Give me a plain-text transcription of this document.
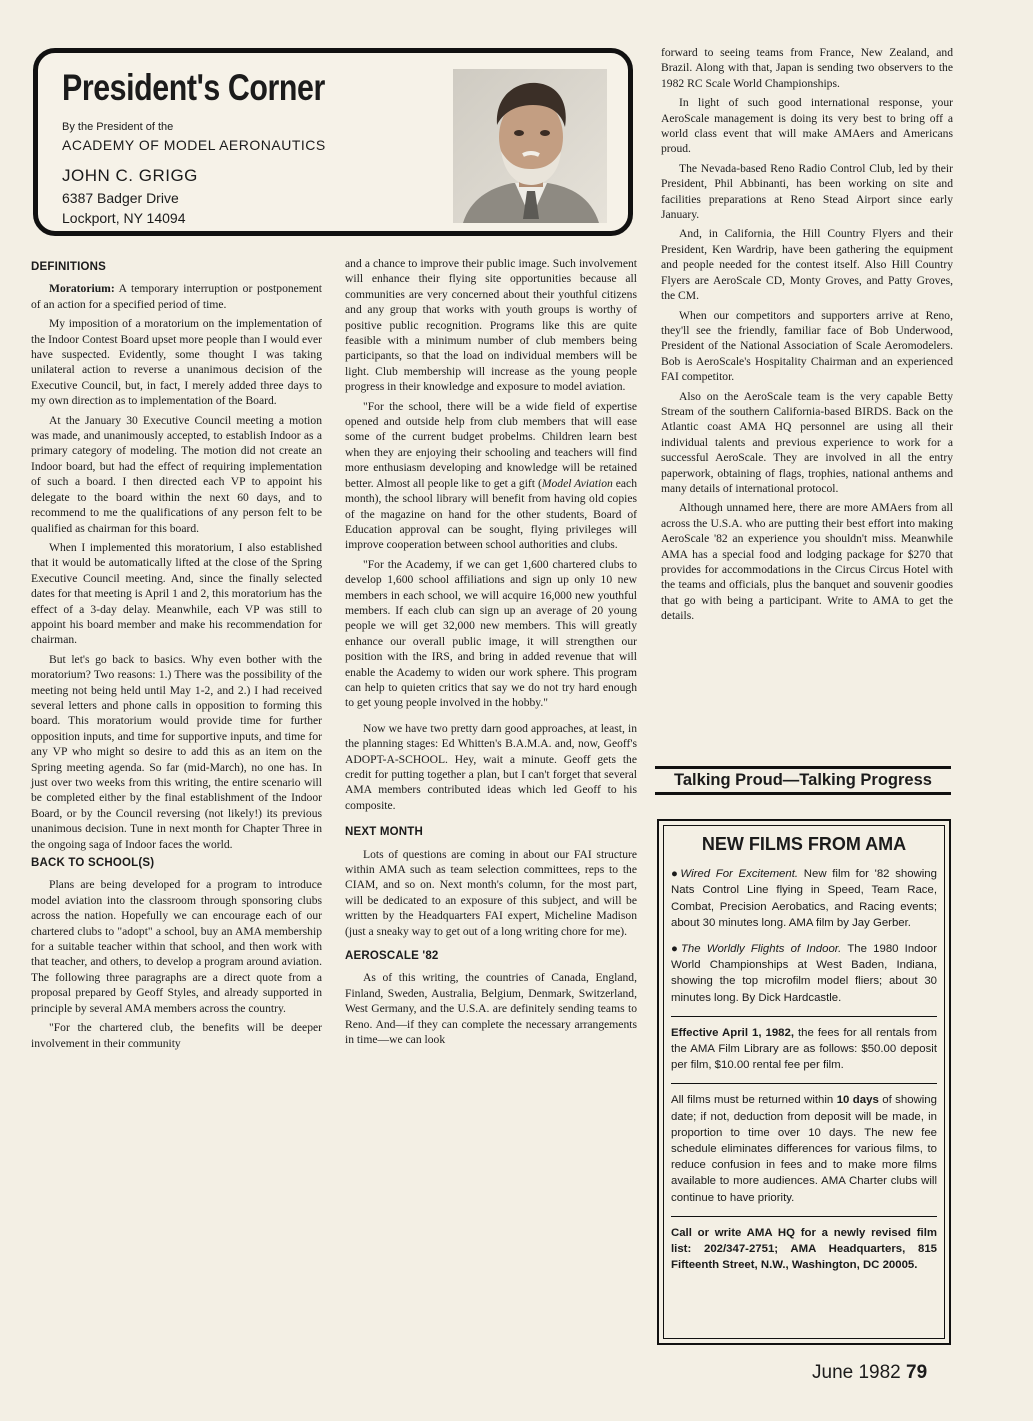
President's Corner
By the President of the
ACADEMY OF MODEL AERONAUTICS
JOHN C. GRIGG
6387 Badger Drive
Lockport, NY 14094
DEFINITIONS

Moratorium: A temporary interruption or postponement of an action for a specified period of time.

My imposition of a moratorium on the implementation of the Indoor Contest Board upset more people than I would ever have suspected. Evidently, some thought I was taking unilateral action to reverse a unanimous decision of the Executive Council, but, in fact, I merely added three days to my own direction as to implementation of the Board.

At the January 30 Executive Council meeting a motion was made, and unanimously accepted, to establish Indoor as a primary category of modeling. The motion did not create an Indoor board, but had the effect of requiring implementation of such a board. I then directed each VP to appoint his delegate to the board within the next 60 days, and to recommend to me the qualifications of any person felt to be qualified as chairman for this board.

When I implemented this moratorium, I also established that it would be automatically lifted at the close of the Spring Executive Council meeting. And, since the finally selected dates for that meeting is April 1 and 2, this moratorium has the effect of a 3-day delay. Meanwhile, each VP was still to appoint his board member and make his recommendation for chairman.

But let's go back to basics. Why even bother with the moratorium? Two reasons: 1.) There was the possibility of the meeting not being held until May 1-2, and 2.) I had received several letters and phone calls in opposition to forming this board. This moratorium would provide time for further opposition inputs, and time for supportive inputs, and time for any VP who might so desire to add this as an item on the Spring meeting agenda. So far (mid-March), no one has. In just over two weeks from this writing, the entire scenario will be completed either by the final establishment of the Indoor Board, or by the Council reversing (not likely!) its previous unanimous decision. Tune in next month for Chapter Three in the ongoing saga of Indoor faces the world.

BACK TO SCHOOL(S)

Plans are being developed for a program to introduce model aviation into the classroom through sponsoring clubs across the nation. Hopefully we can encourage each of our chartered clubs to "adopt" a school, buy an AMA membership for a suitable teacher within that school, and then work with that teacher, and others, to develop a program around aviation. The following three paragraphs are a direct quote from a proposal prepared by Geoff Styles, and already supported in principle by several AMA members across the country.

"For the chartered club, the benefits will be deeper involvement in their community

and a chance to improve their public image. Such involvement will enhance their flying site opportunities because all communities are very concerned about their youthful citizens and any group that works with youth groups is worthy of positive public recognition. Programs like this are quite feasible with a minimum number of club members being participants, so that the load on individual members will be light. Club membership will increase as the young people progress in their knowledge and exposure to model aviation.

"For the school, there will be a wide field of expertise opened and outside help from club members that will ease some of the current budget probelms. Children learn best when they are enjoying their schooling and teachers will find more enthusiasm developing and knowledge will be retained better. Almost all people like to get a gift (Model Aviation each month), the school library will benefit from having old copies of the magazine on hand for the other students, Board of Education approval can be sought, flying privileges will improve cooperation between school authorities and clubs.

"For the Academy, if we can get 1,600 chartered clubs to develop 1,600 school affiliations and sign up only 10 new members in each school, we will acquire 16,000 new youthful members. If each club can sign up an average of 20 young people we will get 32,000 new members. This will greatly enhance our overall public image, it will strengthen our position with the IRS, and bring in added revenue that will enable the Academy to widen our work sphere. This program can help to quieten critics that say we do not try hard enough to get young people involved in the hobby."

Now we have two pretty darn good approaches, at least, in the planning stages: Ed Whitten's B.A.M.A. and, now, Geoff's ADOPT-A-SCHOOL. Hey, wait a minute. Geoff gets the credit for putting together a plan, but I can't forget that several AMA members contributed ideas which led Geoff to his composite.

NEXT MONTH

Lots of questions are coming in about our FAI structure within AMA such as team selection committees, reps to the CIAM, and so on. Next month's column, for the most part, will be dedicated to an exposure of this subject, and will be written by the Headquarters FAI expert, Micheline Madison (just a sneaky way to get out of a long writing chore for me).

AEROSCALE '82

As of this writing, the countries of Canada, England, Finland, Sweden, Australia, Belgium, Denmark, Switzerland, West Germany, and the U.S.A. are definitely sending teams to Reno. And—if they can complete the necessary arrangements in time—we can look

forward to seeing teams from France, New Zealand, and Brazil. Along with that, Japan is sending two observers to the 1982 RC Scale World Championships.

In light of such good international response, your AeroScale management is doing its very best to bring off a world class event that will make AMAers and Americans proud.

The Nevada-based Reno Radio Control Club, led by their President, Phil Abbinanti, has been working on site and facilities preparations at Reno Stead Airport since early January.

And, in California, the Hill Country Flyers and their President, Ken Wardrip, have been gathering the equipment and people needed for the contest itself. Also Hill Country Flyers are AeroScale CD, Monty Groves, and Patty Groves, the CM.

When our competitors and supporters arrive at Reno, they'll see the friendly, familiar face of Bob Underwood, President of the National Association of Scale Aeromodelers. Bob is AeroScale's Hospitality Chairman and an experienced FAI competitor.

Also on the AeroScale team is the very capable Betty Stream of the southern California-based BIRDS. Back on the Atlantic coast AMA HQ personnel are using all their individual talents and previous experience to work for a successful AeroScale. They are involved in all the entry paperwork, obtaining of flags, trophies, national anthems and many details of international protocol.

Although unnamed here, there are more AMAers from all across the U.S.A. who are putting their best effort into making AeroScale '82 an experience you shouldn't miss. Meanwhile AMA has a special food and lodging package for $270 that provides for accommodations in the Circus Circus Hotel with the teams and officials, plus the banquet and souvenir goodies that go with being a participant. Write to AMA to get the details.

Talking Proud—Talking Progress
NEW FILMS FROM AMA

●Wired For Excitement. New film for '82 showing Nats Control Line flying in Speed, Team Race, Combat, Precision Aerobatics, and Racing events; about 30 minutes long. AMA film by Jay Gerber.

●The Worldly Flights of Indoor. The 1980 Indoor World Championships at West Baden, Indiana, showing the top microfilm model fliers; about 30 minutes long. By Dick Hardcastle.

Effective April 1, 1982, the fees for all rentals from the AMA Film Library are as follows: $50.00 deposit per film, $10.00 rental fee per film.

All films must be returned within 10 days of showing date; if not, deduction from deposit will be made, in proportion to time over 10 days. The new fee schedule eliminates differences for various films, to reduce confusion in fees and to make more films available to more audiences. AMA Charter clubs will continue to have priority.

Call or write AMA HQ for a newly revised film list: 202/347-2751; AMA Headquarters, 815 Fifteenth Street, N.W., Washington, DC 20005.

June 1982 79
